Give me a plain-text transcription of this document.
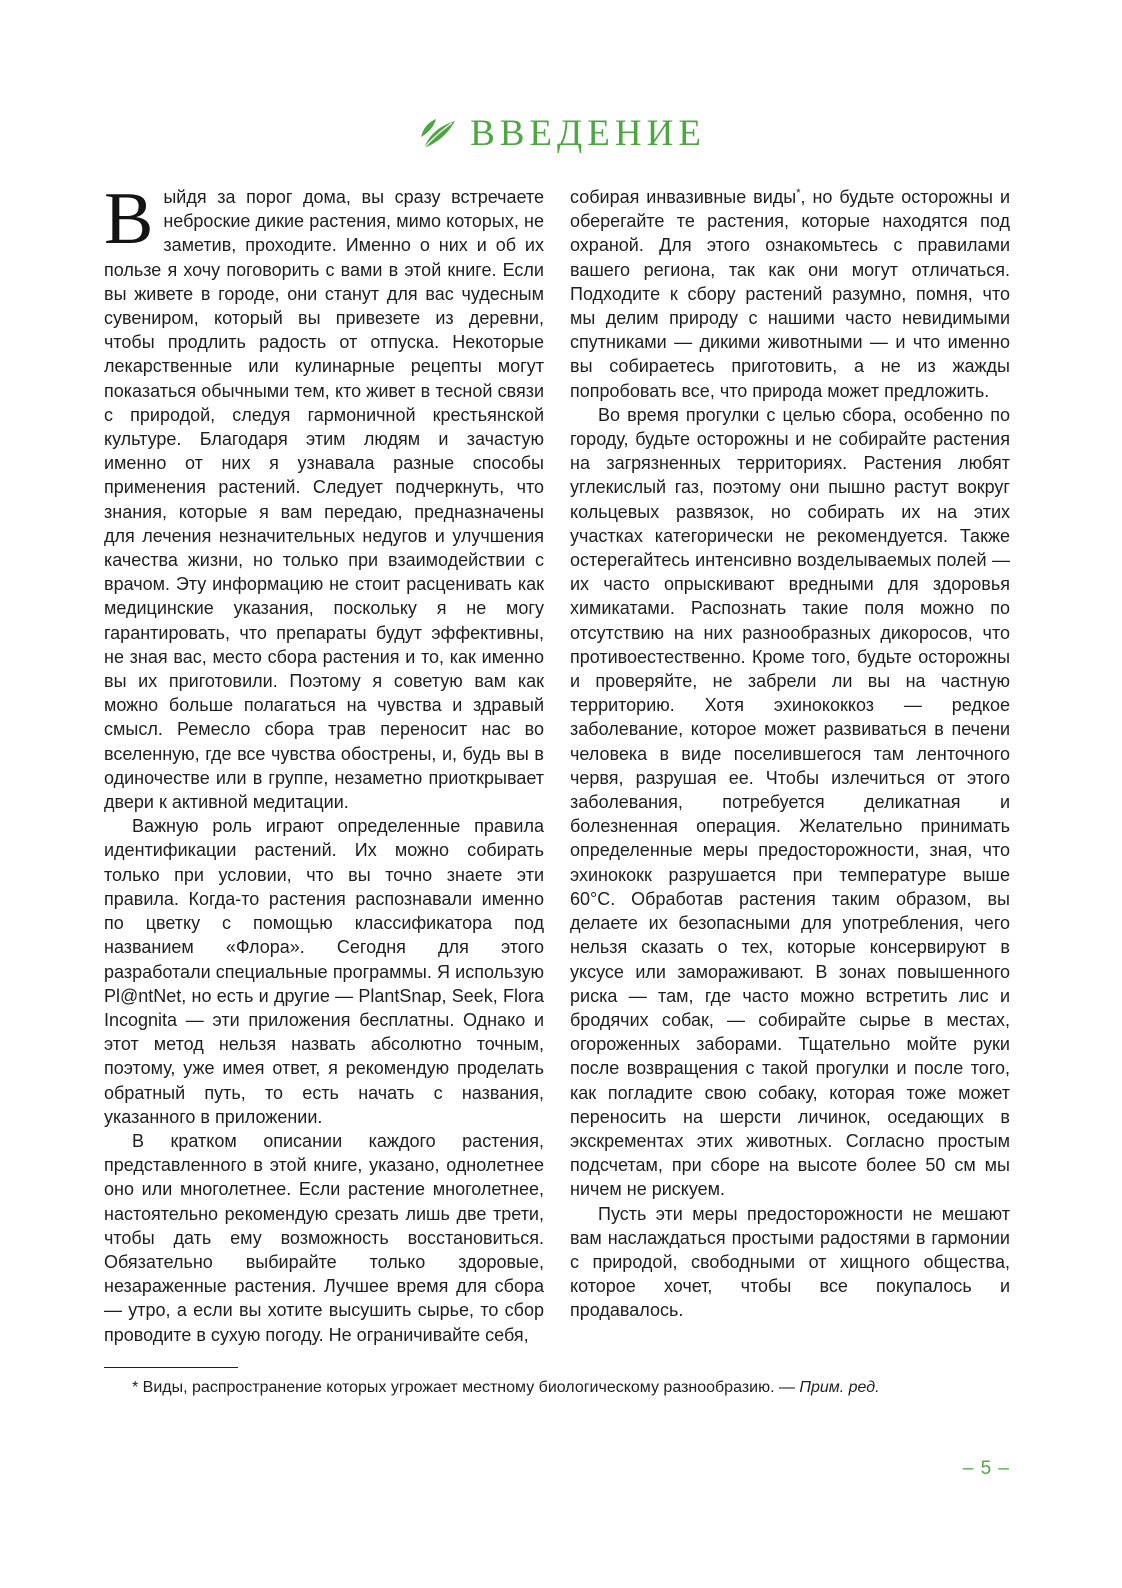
ВВЕДЕНИЕ

Выйдя за порог дома, вы сразу встречаете неброские дикие растения, мимо которых, не заметив, проходите. Именно о них и об их пользе я хочу поговорить с вами в этой книге. Если вы живете в городе, они станут для вас чудесным сувениром, который вы привезете из деревни, чтобы продлить радость от отпуска. Некоторые лекарственные или кулинарные рецепты могут показаться обычными тем, кто живет в тесной связи с природой, следуя гармоничной крестьянской культуре. Благодаря этим людям и зачастую именно от них я узнавала разные способы применения растений. Следует подчеркнуть, что знания, которые я вам передаю, предназначены для лечения незначительных недугов и улучшения качества жизни, но только при взаимодействии с врачом. Эту информацию не стоит расценивать как медицинские указания, поскольку я не могу гарантировать, что препараты будут эффективны, не зная вас, место сбора растения и то, как именно вы их приготовили. Поэтому я советую вам как можно больше полагаться на чувства и здравый смысл. Ремесло сбора трав переносит нас во вселенную, где все чувства обострены, и, будь вы в одиночестве или в группе, незаметно приоткрывает двери к активной медитации.

Важную роль играют определенные правила идентификации растений. Их можно собирать только при условии, что вы точно знаете эти правила. Когда-то растения распознавали именно по цветку с помощью классификатора под названием «Флора». Сегодня для этого разработали специальные программы. Я использую Pl@ntNet, но есть и другие — PlantSnap, Seek, Flora Incognita — эти приложения бесплатны. Однако и этот метод нельзя назвать абсолютно точным, поэтому, уже имея ответ, я рекомендую проделать обратный путь, то есть начать с названия, указанного в приложении.

В кратком описании каждого растения, представленного в этой книге, указано, однолетнее оно или многолетнее. Если растение многолетнее, настоятельно рекомендую срезать лишь две трети, чтобы дать ему возможность восстановиться. Обязательно выбирайте только здоровые, незараженные растения. Лучшее время для сбора — утро, а если вы хотите высушить сырье, то сбор проводите в сухую погоду. Не ограничивайте себя,

собирая инвазивные виды*, но будьте осторожны и оберегайте те растения, которые находятся под охраной. Для этого ознакомьтесь с правилами вашего региона, так как они могут отличаться. Подходите к сбору растений разумно, помня, что мы делим природу с нашими часто невидимыми спутниками — дикими животными — и что именно вы собираетесь приготовить, а не из жажды попробовать все, что природа может предложить.

Во время прогулки с целью сбора, особенно по городу, будьте осторожны и не собирайте растения на загрязненных территориях. Растения любят углекислый газ, поэтому они пышно растут вокруг кольцевых развязок, но собирать их на этих участках категорически не рекомендуется. Также остерегайтесь интенсивно возделываемых полей — их часто опрыскивают вредными для здоровья химикатами. Распознать такие поля можно по отсутствию на них разнообразных дикоросов, что противоестественно. Кроме того, будьте осторожны и проверяйте, не забрели ли вы на частную территорию. Хотя эхинококкоз — редкое заболевание, которое может развиваться в печени человека в виде поселившегося там ленточного червя, разрушая ее. Чтобы излечиться от этого заболевания, потребуется деликатная и болезненная операция. Желательно принимать определенные меры предосторожности, зная, что эхинококк разрушается при температуре выше 60°С. Обработав растения таким образом, вы делаете их безопасными для употребления, чего нельзя сказать о тех, которые консервируют в уксусе или замораживают. В зонах повышенного риска — там, где часто можно встретить лис и бродячих собак, — собирайте сырье в местах, огороженных заборами. Тщательно мойте руки после возвращения с такой прогулки и после того, как погладите свою собаку, которая тоже может переносить на шерсти личинок, оседающих в экскрементах этих животных. Согласно простым подсчетам, при сборе на высоте более 50 см мы ничем не рискуем.

Пусть эти меры предосторожности не мешают вам наслаждаться простыми радостями в гармонии с природой, свободными от хищного общества, которое хочет, чтобы все покупалось и продавалось.

* Виды, распространение которых угрожает местному биологическому разнообразию. — Прим. ред.
– 5 –
